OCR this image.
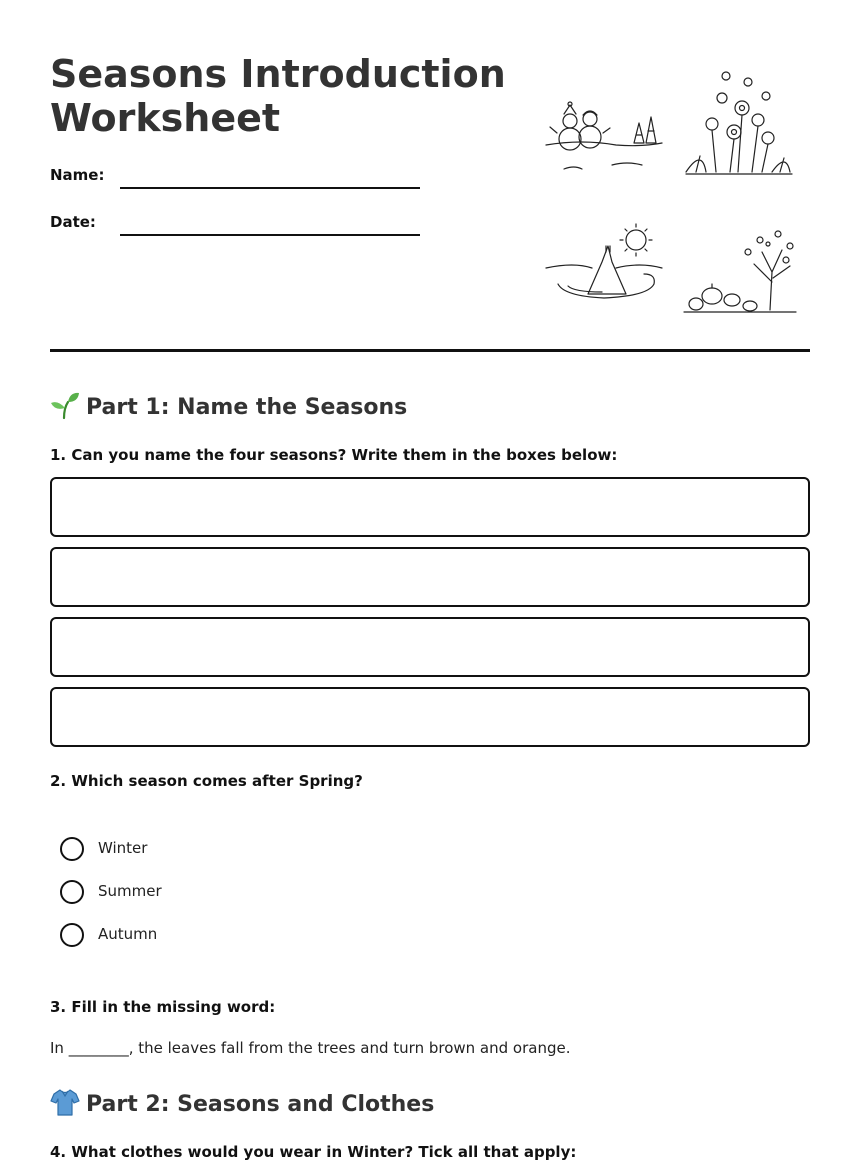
Seasons Introduction Worksheet
Name:
Date:
Part 1: Name the Seasons
1. Can you name the four seasons? Write them in the boxes below:
2. Which season comes after Spring?
Winter
Summer
Autumn
3. Fill in the missing word:
In ________, the leaves fall from the trees and turn brown and orange.
Part 2: Seasons and Clothes
4. What clothes would you wear in Winter? Tick all that apply:
